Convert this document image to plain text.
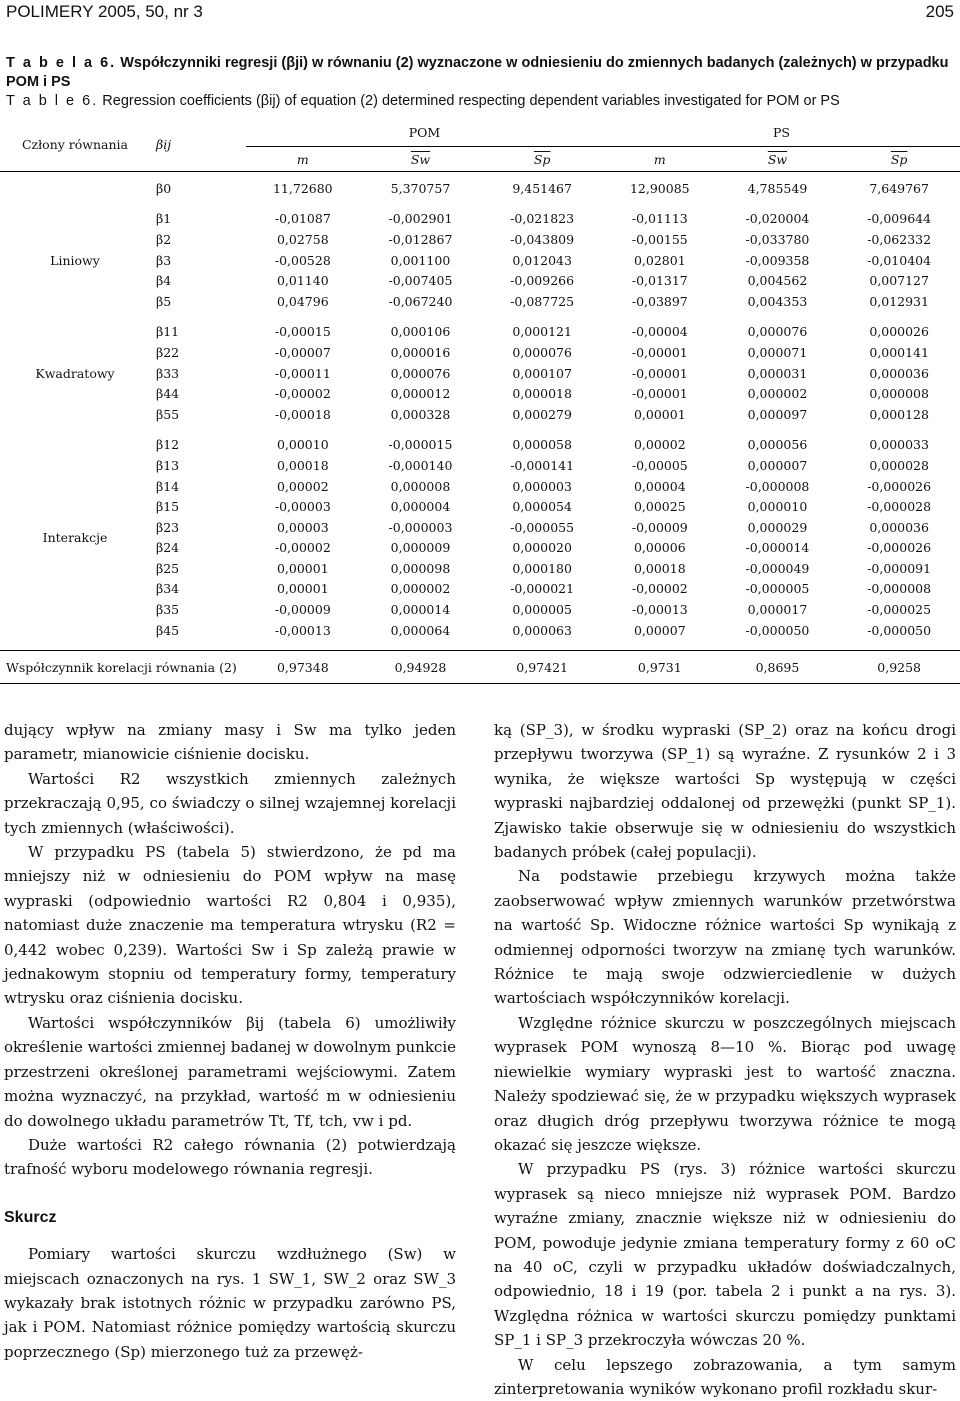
POLIMERY 2005, 50, nr 3	205
T a b e l a 6. Współczynniki regresji (βji) w równaniu (2) wyznaczone w odniesieniu do zmiennych badanych (zależnych) w przypadku POM i PS
T a b l e 6. Regression coefficients (βij) of equation (2) determined respecting dependent variables investigated for POM or PS
Człony równania	βij	POM			PS		
		m	$\overline{Sw}$	$\overline{Sp}$	m	$\overline{Sw}$	$\overline{Sp}$

	β0	11,72680	5,370757	9,451467	12,90085	4,785549	7,649767

Liniowy	β1	-0,01087	-0,002901	-0,021823	-0,01113	-0,020004	-0,009644
	β2	0,02758	-0,012867	-0,043809	-0,00155	-0,033780	-0,062332
	β3	-0,00528	0,001100	0,012043	0,02801	-0,009358	-0,010404
	β4	0,01140	-0,007405	-0,009266	-0,01317	0,004562	0,007127
	β5	0,04796	-0,067240	-0,087725	-0,03897	0,004353	0,012931

Kwadratowy	β11	-0,00015	0,000106	0,000121	-0,00004	0,000076	0,000026
	β22	-0,00007	0,000016	0,000076	-0,00001	0,000071	0,000141
	β33	-0,00011	0,000076	0,000107	-0,00001	0,000031	0,000036
	β44	-0,00002	0,000012	0,000018	-0,00001	0,000002	0,000008
	β55	-0,00018	0,000328	0,000279	0,00001	0,000097	0,000128

Interakcje	β12	0,00010	-0,000015	0,000058	0,00002	0,000056	0,000033
	β13	0,00018	-0,000140	-0,000141	-0,00005	0,000007	0,000028
	β14	0,00002	0,000008	0,000003	0,00004	-0,000008	-0,000026
	β15	-0,00003	0,000004	0,000054	0,00025	0,000010	-0,000028
	β23	0,00003	-0,000003	-0,000055	-0,00009	0,000029	0,000036
	β24	-0,00002	0,000009	0,000020	0,00006	-0,000014	-0,000026
	β25	0,00001	0,000098	0,000180	0,00018	-0,000049	-0,000091
	β34	0,00001	0,000002	-0,000021	-0,00002	-0,000005	-0,000008
	β35	-0,00009	0,000014	0,000005	-0,00013	0,000017	-0,000025
	β45	-0,00013	0,000064	0,000063	0,00007	-0,000050	-0,000050

Współczynnik korelacji równania (2)		0,97348	0,94928	0,97421	0,9731	0,8695	0,9258

dujący wpływ na zmiany masy i Sw ma tylko jeden parametr, mianowicie ciśnienie docisku.

Wartości R2 wszystkich zmiennych zależnych przekraczają 0,95, co świadczy o silnej wzajemnej korelacji tych zmiennych (właściwości).

W przypadku PS (tabela 5) stwierdzono, że pd ma mniejszy niż w odniesieniu do POM wpływ na masę wypraski (odpowiednio wartości R2 0,804 i 0,935), natomiast duże znaczenie ma temperatura wtrysku (R2 = 0,442 wobec 0,239). Wartości Sw i Sp zależą prawie w jednakowym stopniu od temperatury formy, temperatury wtrysku oraz ciśnienia docisku.

Wartości współczynników βij (tabela 6) umożliwiły określenie wartości zmiennej badanej w dowolnym punkcie przestrzeni określonej parametrami wejściowymi. Zatem można wyznaczyć, na przykład, wartość m w odniesieniu do dowolnego układu parametrów Tt, Tf, tch, vw i pd.

Duże wartości R2 całego równania (2) potwierdzają trafność wyboru modelowego równania regresji.

Skurcz

Pomiary wartości skurczu wzdłużnego (Sw) w miejscach oznaczonych na rys. 1 SW_1, SW_2 oraz SW_3 wykazały brak istotnych różnic w przypadku zarówno PS, jak i POM. Natomiast różnice pomiędzy wartością skurczu poprzecznego (Sp) mierzonego tuż za przewęż-

ką (SP_3), w środku wypraski (SP_2) oraz na końcu drogi przepływu tworzywa (SP_1) są wyraźne. Z rysunków 2 i 3 wynika, że większe wartości Sp występują w części wypraski najbardziej oddalonej od przewężki (punkt SP_1). Zjawisko takie obserwuje się w odniesieniu do wszystkich badanych próbek (całej populacji).

Na podstawie przebiegu krzywych można także zaobserwować wpływ zmiennych warunków przetwórstwa na wartość Sp. Widoczne różnice wartości Sp wynikają z odmiennej odporności tworzyw na zmianę tych warunków. Różnice te mają swoje odzwierciedlenie w dużych wartościach współczynników korelacji.

Względne różnice skurczu w poszczególnych miejscach wyprasek POM wynoszą 8—10 %. Biorąc pod uwagę niewielkie wymiary wypraski jest to wartość znaczna. Należy spodziewać się, że w przypadku większych wyprasek oraz długich dróg przepływu tworzywa różnice te mogą okazać się jeszcze większe.

W przypadku PS (rys. 3) różnice wartości skurczu wyprasek są nieco mniejsze niż wyprasek POM. Bardzo wyraźne zmiany, znacznie większe niż w odniesieniu do POM, powoduje jedynie zmiana temperatury formy z 60 oC na 40 oC, czyli w przypadku układów doświadczalnych, odpowiednio, 18 i 19 (por. tabela 2 i punkt a na rys. 3). Względna różnica w wartości skurczu pomiędzy punktami SP_1 i SP_3 przekroczyła wówczas 20 %.

W celu lepszego zobrazowania, a tym samym zinterpretowania wyników wykonano profil rozkładu skur-
